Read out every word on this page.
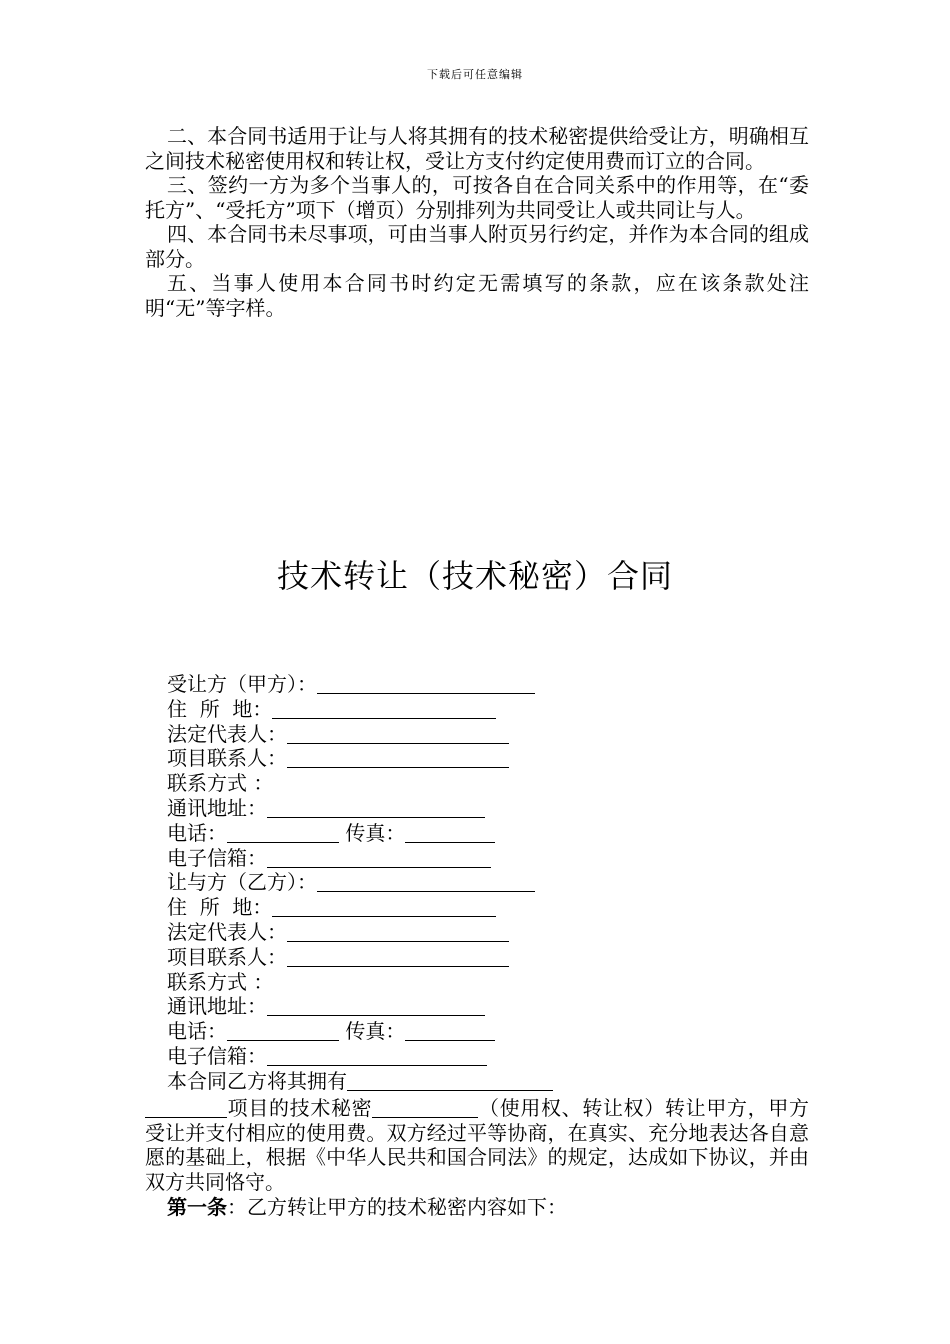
下载后可任意编辑

二、本合同书适用于让与人将其拥有的技术秘密提供给受让方，明确相互之间技术秘密使用权和转让权，受让方支付约定使用费而订立的合同。

三、签约一方为多个当事人的，可按各自在合同关系中的作用等，在“委托方”、“受托方”项下（增页）分别排列为共同受让人或共同让与人。

四、本合同书未尽事项，可由当事人附页另行约定，并作为本合同的组成部分。

五、当事人使用本合同书时约定无需填写的条款，应在该条款处注明“无”等字样。

技术转让（技术秘密）合同
受让方（甲方）：
住  所  地：
法定代表人：
项目联系人：
联系方式 ：
通讯地址：
电话：	传真：
电子信箱：
让与方（乙方）：
住  所  地：
法定代表人：
项目联系人：
联系方式 ：
通讯地址：
电话：	传真：
电子信箱：
本合同乙方将其拥有

项目的技术秘密	（使用权、转让权）转让甲方，甲方受让并支付相应的使用费。双方经过平等协商，在真实、充分地表达各自意愿的基础上，根据《中华人民共和国合同法》的规定，达成如下协议，并由双方共同恪守。

第一条：乙方转让甲方的技术秘密内容如下：
